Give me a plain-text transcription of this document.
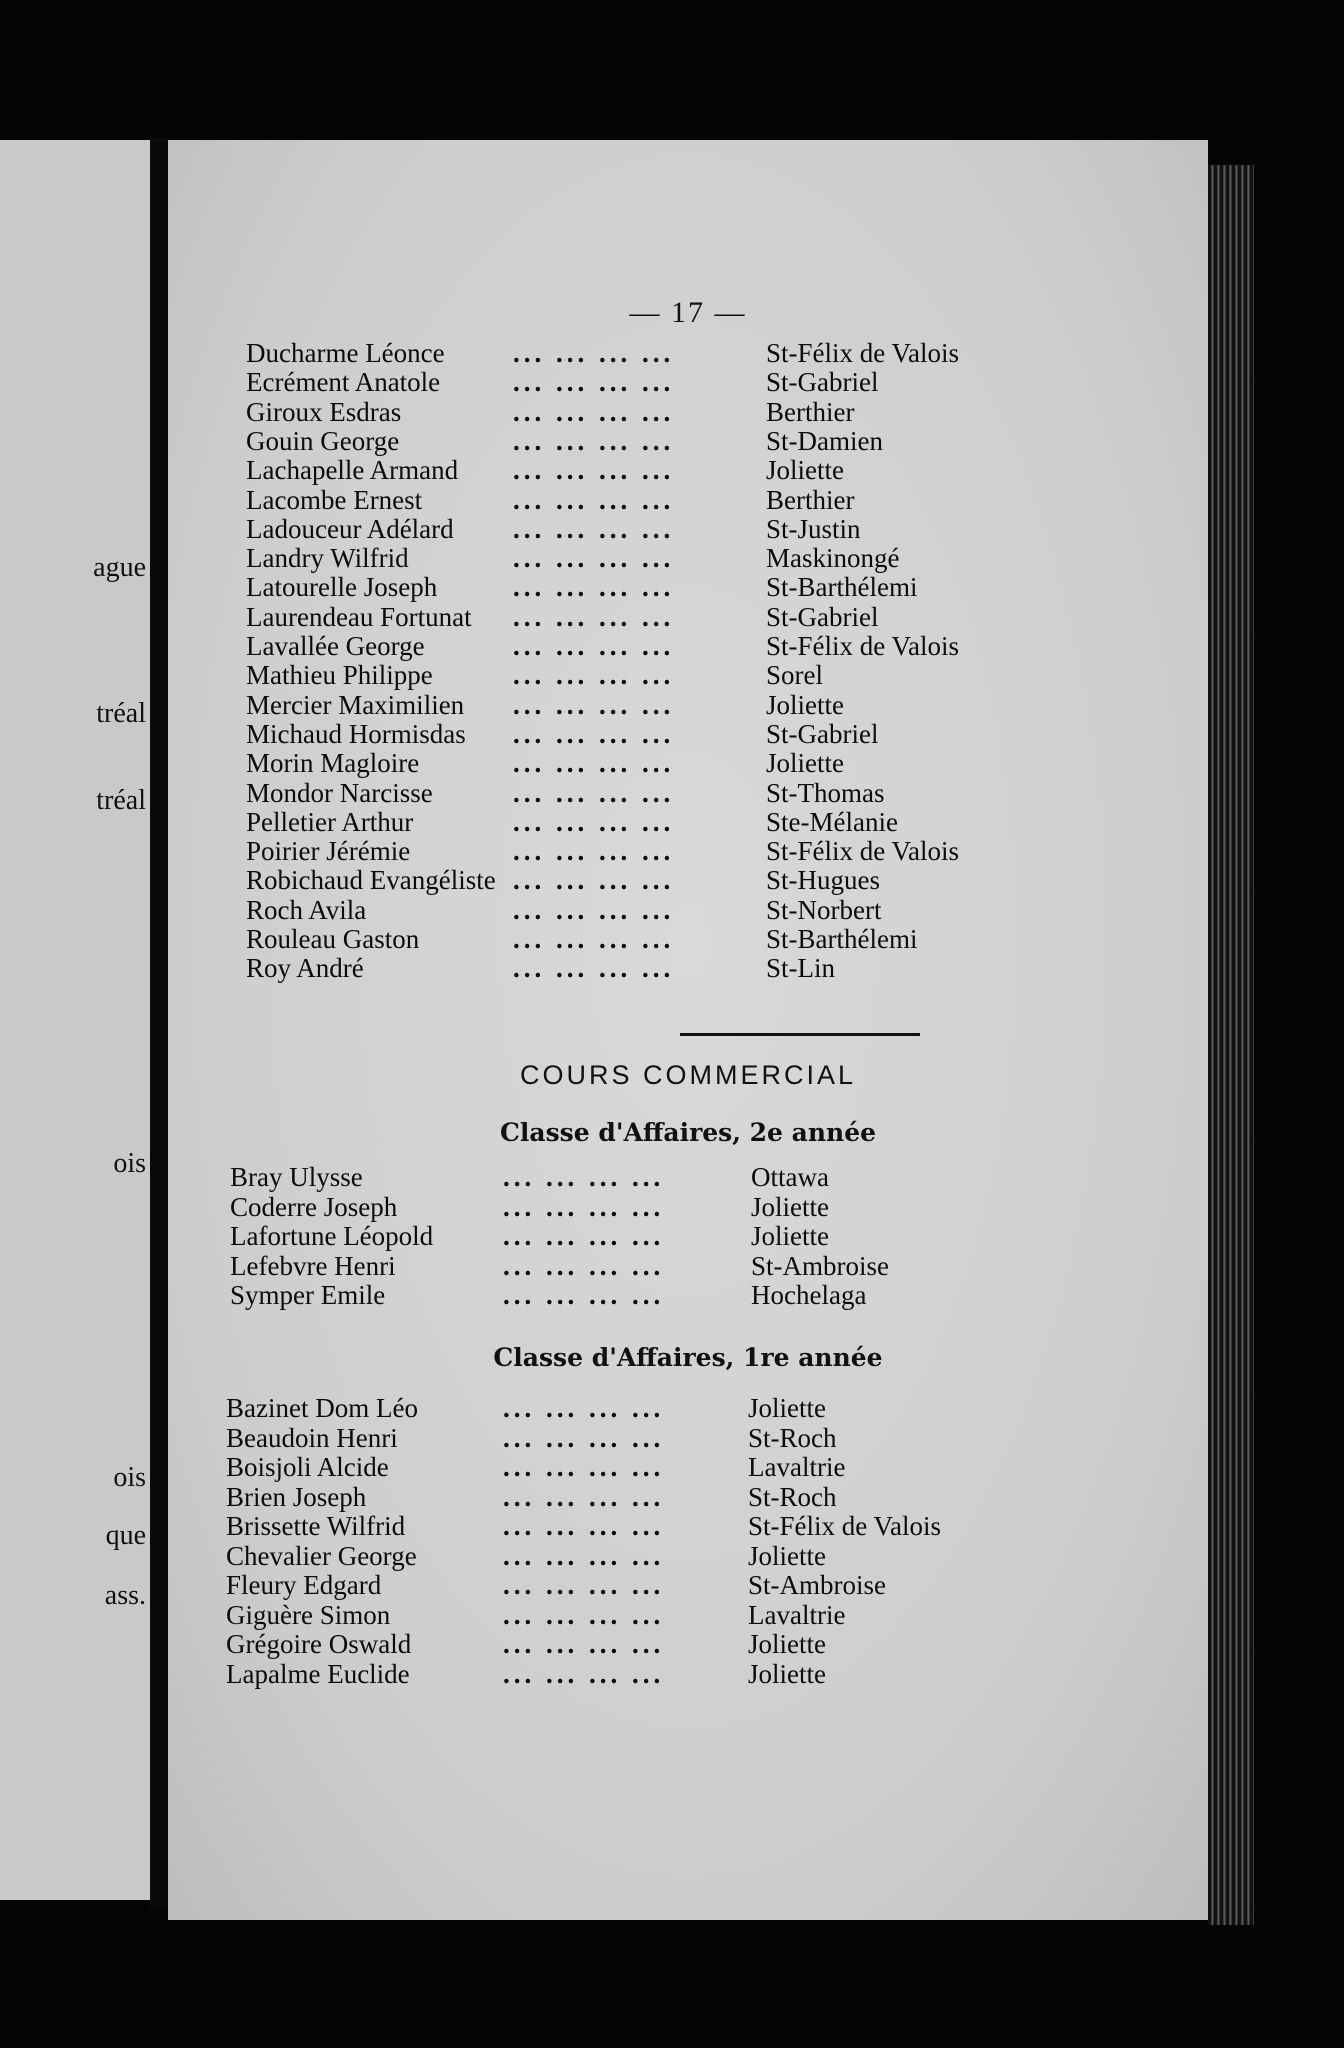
ague
tréal
tréal
ois
ois
que
ass.
— 17 —
Ducharme Léonce	... ... ... ...	St-Félix de Valois
Ecrément Anatole	... ... ... ...	St-Gabriel
Giroux Esdras	... ... ... ...	Berthier
Gouin George	... ... ... ...	St-Damien
Lachapelle Armand ... ... ... ...	Joliette
Lacombe Ernest	... ... ... ...	Berthier
Ladouceur Adélard ... ... ... ...	St-Justin
Landry Wilfrid	... ... ... ...	Maskinongé
Latourelle Joseph	... ... ... ...	St-Barthélemi
Laurendeau Fortunat ... ... ... ...	St-Gabriel
Lavallée George	... ... ... ...	St-Félix de Valois
Mathieu Philippe	... ... ... ...	Sorel
Mercier Maximilien ... ... ... ...	Joliette
Michaud Hormisdas ... ... ... ...	St-Gabriel
Morin Magloire	... ... ... ...	Joliette
Mondor Narcisse	... ... ... ...	St-Thomas
Pelletier Arthur	... ... ... ...	Ste-Mélanie
Poirier Jérémie	... ... ... ...	St-Félix de Valois
Robichaud Evangéliste ... ... ... ...	St-Hugues
Roch Avila	... ... ... ...	St-Norbert
Rouleau Gaston	... ... ... ...	St-Barthélemi
Roy André	... ... ... ...	St-Lin
COURS COMMERCIAL
Classe d'Affaires, 2e année
Bray Ulysse	... ... ... ...	Ottawa
Coderre Joseph	... ... ... ...	Joliette
Lafortune Léopold	... ... ... ...	Joliette
Lefebvre Henri	... ... ... ...	St-Ambroise
Symper Emile	... ... ... ...	Hochelaga
Classe d'Affaires, 1re année
Bazinet Dom Léo	... ... ... ...	Joliette
Beaudoin Henri	... ... ... ...	St-Roch
Boisjoli Alcide	... ... ... ...	Lavaltrie
Brien Joseph	... ... ... ...	St-Roch
Brissette Wilfrid	... ... ... ...	St-Félix de Valois
Chevalier George	... ... ... ...	Joliette
Fleury Edgard	... ... ... ...	St-Ambroise
Giguère Simon	... ... ... ...	Lavaltrie
Grégoire Oswald	... ... ... ...	Joliette
Lapalme Euclide	... ... ... ...	Joliette
